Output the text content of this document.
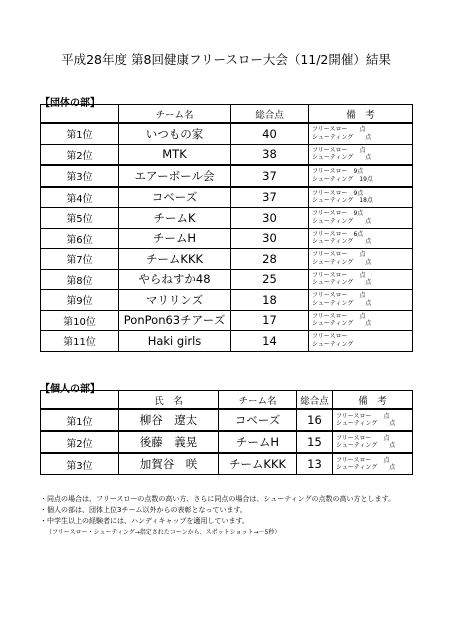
平成28年度 第8回健康フリースロー大会（11/2開催）結果
【団体の部】
	チーム名	総合点	備　考
第1位	いつもの家	40	フリースロー　　点
シューティング　　点

第2位	MTK	38	フリースロー　　点
シューティング　　点

第3位	エアーボール会	37	フリースロー　9点
シューティング　19点

第4位	コベーズ	37	フリースロー　9点
シューティング　18点

第5位	チームK	30	フリースロー　9点
シューティング　　点

第6位	チームH	30	フリースロー　6点
シューティング　　点

第7位	チームKKK	28	フリースロー　　点
シューティング　　点

第8位	やらねすか48	25	フリースロー　　点
シューティング　　点

第9位	マリリンズ	18	フリースロー　　点
シューティング　　点

第10位	PonPon63チアーズ	17	フリースロー　　点
シューティング　　点

第11位	Haki girls	14	フリースロー
シューティング
【個人の部】
	氏　名	チーム名	総合点	備　考
第1位	柳谷　遼太	コベーズ	16	フリースロー　　点
シューティング　　点

第2位	後藤　義晃	チームH	15	フリースロー　　点
シューティング　　点

第3位	加賀谷　咲	チームKKK	13	フリースロー　　点
シューティング　　点
・同点の場合は、フリースローの点数の高い方、さらに同点の場合は、シューティングの点数の高い方とします。
・個人の部は、団体上位3チーム以外からの表彰となっています。
・中学生以上の経験者には、ハンディキャップを適用しています。
（フリースロー・シューティング→指定されたコーンから、スポットショット→－5秒）
